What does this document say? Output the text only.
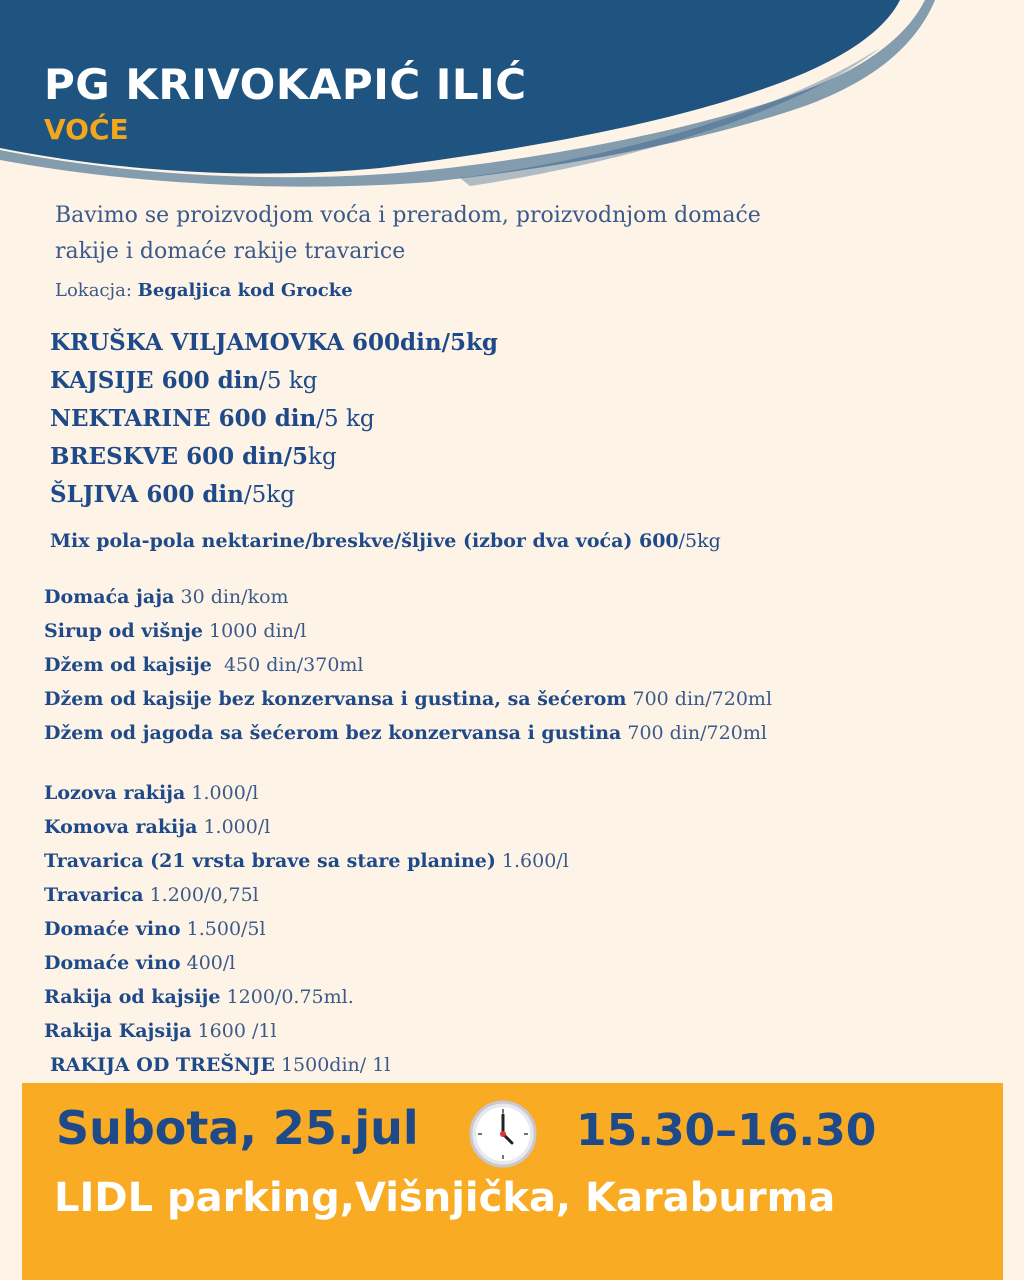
PG KRIVOKAPIĆ ILIĆ
VOĆE
Bavimo se proizvodjom voća i preradom, proizvodnjom domaće rakije i domaće rakije travarice
Lokacja: Begaljica kod Grocke
KRUŠKA VILJAMOVKA 600din/5kg
KAJSIJE 600 din/5 kg
NEKTARINE 600 din/5 kg
BRESKVE 600 din/5kg
ŠLJIVA 600 din/5kg
Mix pola-pola nektarine/breskve/šljive (izbor dva voća) 600/5kg
Domaća jaja 30 din/kom
Sirup od višnje 1000 din/l
Džem od kajsije  450 din/370ml
Džem od kajsije bez konzervansa i gustina, sa šećerom 700 din/720ml
Džem od jagoda sa šećerom bez konzervansa i gustina 700 din/720ml
Lozova rakija 1.000/l
Komova rakija 1.000/l
Travarica (21 vrsta brave sa stare planine) 1.600/l
Travarica 1.200/0,75l
Domaće vino 1.500/5l
Domaće vino 400/l
Rakija od kajsije 1200/0.75ml.
Rakija Kajsija 1600 /1l
RAKIJA OD TREŠNJE 1500din/ 1l
Subota, 25.jul	15.30–16.30
LIDL parking,Višnjička, Karaburma
